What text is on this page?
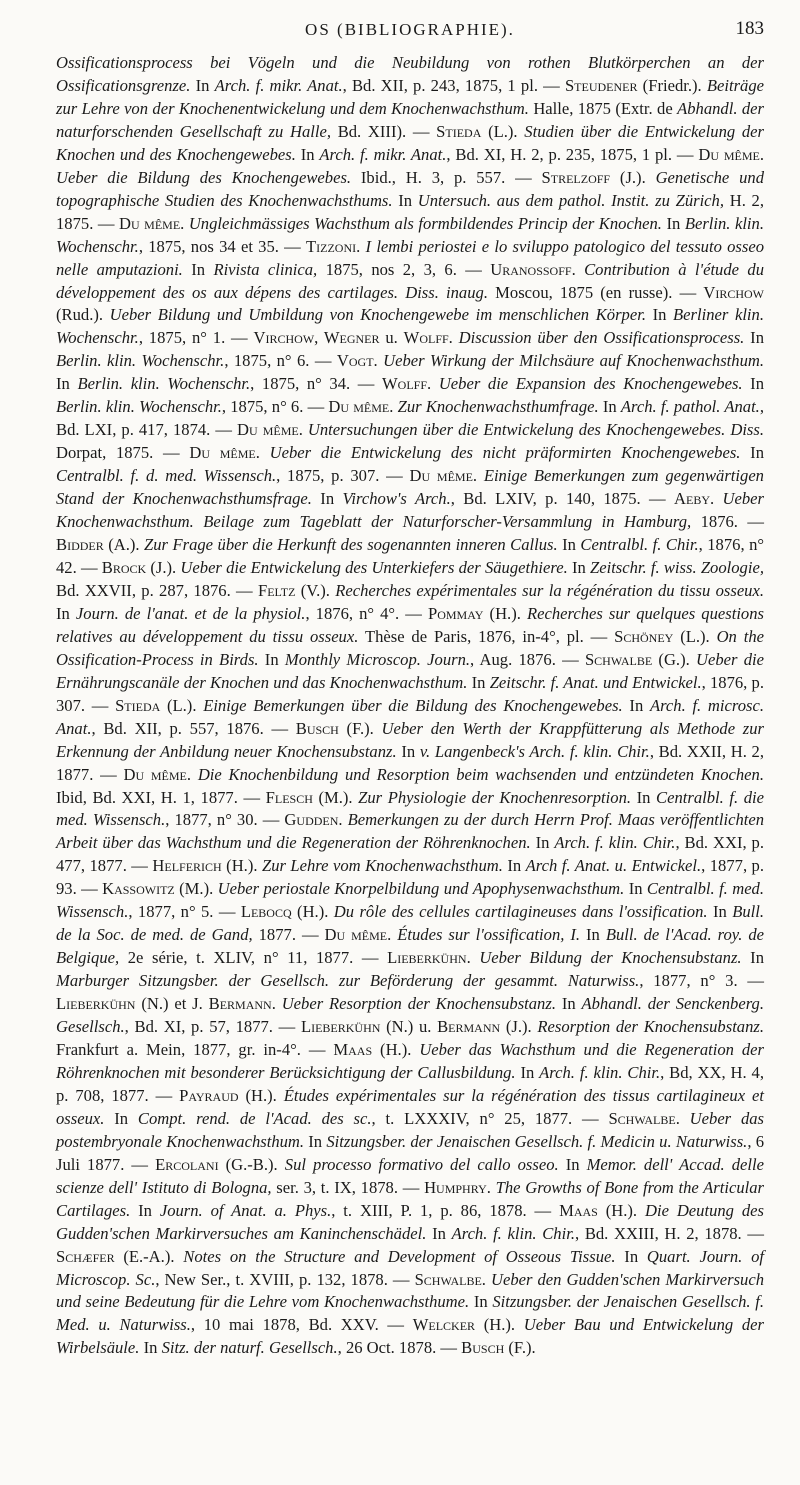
OS (BIBLIOGRAPHIE).	183
Ossificationsprocess bei Vögeln und die Neubildung von rothen Blutkörperchen an der Ossificationsgrenze. In Arch. f. mikr. Anat., Bd. XII, p. 243, 1875, 1 pl. — Steudener (Friedr.). Beiträge zur Lehre von der Knochenentwickelung und dem Knochenwachsthum. Halle, 1875 (Extr. de Abhandl. der naturforschenden Gesellschaft zu Halle, Bd. XIII). — Stieda (L.). Studien über die Entwickelung der Knochen und des Knochengewebes. In Arch. f. mikr. Anat., Bd. XI, H. 2, p. 235, 1875, 1 pl. — Du même. Ueber die Bildung des Knochengewebes. Ibid., H. 3, p. 557. — Strelzoff (J.). Genetische und topographische Studien des Knochenwachsthums. In Untersuch. aus dem pathol. Instit. zu Zürich, H. 2, 1875. — Du même. Ungleichmässiges Wachsthum als formbildendes Princip der Knochen. In Berlin. klin. Wochenschr., 1875, nos 34 et 35. — Tizzoni. I lembi periostei e lo sviluppo patologico del tessuto osseo nelle amputazioni. In Rivista clinica, 1875, nos 2, 3, 6. — Uranossoff. Contribution à l'étude du développement des os aux dépens des cartilages. Diss. inaug. Moscou, 1875 (en russe). — Virchow (Rud.). Ueber Bildung und Umbildung von Knochengewebe im menschlichen Körper. In Berliner klin. Wochenschr., 1875, n° 1. — Virchow, Wegner u. Wolff. Discussion über den Ossificationsprocess. In Berlin. klin. Wochenschr., 1875, n° 6. — Vogt. Ueber Wirkung der Milchsäure auf Knochenwachsthum. In Berlin. klin. Wochenschr., 1875, n° 34. — Wolff. Ueber die Expansion des Knochengewebes. In Berlin. klin. Wochenschr., 1875, n° 6. — Du même. Zur Knochenwachsthumfrage. In Arch. f. pathol. Anat., Bd. LXI, p. 417, 1874. — Du même. Untersuchungen über die Entwickelung des Knochengewebes. Diss. Dorpat, 1875. — Du même. Ueber die Entwickelung des nicht präformirten Knochengewebes. In Centralbl. f. d. med. Wissensch., 1875, p. 307. — Du même. Einige Bemerkungen zum gegenwärtigen Stand der Knochenwachsthumsfrage. In Virchow's Arch., Bd. LXIV, p. 140, 1875. — Aeby. Ueber Knochenwachsthum. Beilage zum Tageblatt der Naturforscher-Versammlung in Hamburg, 1876. — Bidder (A.). Zur Frage über die Herkunft des sogenannten inneren Callus. In Centralbl. f. Chir., 1876, n° 42. — Brock (J.). Ueber die Entwickelung des Unterkiefers der Säugethiere. In Zeitschr. f. wiss. Zoologie, Bd. XXVII, p. 287, 1876. — Feltz (V.). Recherches expérimentales sur la régénération du tissu osseux. In Journ. de l'anat. et de la physiol., 1876, n° 4°. — Pommay (H.). Recherches sur quelques questions relatives au développement du tissu osseux. Thèse de Paris, 1876, in-4°, pl. — Schöney (L.). On the Ossification-Process in Birds. In Monthly Microscop. Journ., Aug. 1876. — Schwalbe (G.). Ueber die Ernährungscanäle der Knochen und das Knochenwachsthum. In Zeitschr. f. Anat. und Entwickel., 1876, p. 307. — Stieda (L.). Einige Bemerkungen über die Bildung des Knochengewebes. In Arch. f. microsc. Anat., Bd. XII, p. 557, 1876. — Busch (F.). Ueber den Werth der Krappfütterung als Methode zur Erkennung der Anbildung neuer Knochensubstanz. In v. Langenbeck's Arch. f. klin. Chir., Bd. XXII, H. 2, 1877. — Du même. Die Knochenbildung und Resorption beim wachsenden und entzündeten Knochen. Ibid, Bd. XXI, H. 1, 1877. — Flesch (M.). Zur Physiologie der Knochenresorption. In Centralbl. f. die med. Wissensch., 1877, n° 30. — Gudden. Bemerkungen zu der durch Herrn Prof. Maas veröffentlichten Arbeit über das Wachsthum und die Regeneration der Röhrenknochen. In Arch. f. klin. Chir., Bd. XXI, p. 477, 1877. — Helferich (H.). Zur Lehre vom Knochenwachsthum. In Arch f. Anat. u. Entwickel., 1877, p. 93. — Kassowitz (M.). Ueber periostale Knorpelbildung und Apophysenwachsthum. In Centralbl. f. med. Wissensch., 1877, n° 5. — Lebocq (H.). Du rôle des cellules cartilagineuses dans l'ossification. In Bull. de la Soc. de med. de Gand, 1877. — Du même. Études sur l'ossification, I. In Bull. de l'Acad. roy. de Belgique, 2e série, t. XLIV, n° 11, 1877. — Lieberkühn. Ueber Bildung der Knochensubstanz. In Marburger Sitzungsber. der Gesellsch. zur Beförderung der gesammt. Naturwiss., 1877, n° 3. — Lieberkühn (N.) et J. Bermann. Ueber Resorption der Knochensubstanz. In Abhandl. der Senckenberg. Gesellsch., Bd. XI, p. 57, 1877. — Lieberkühn (N.) u. Bermann (J.). Resorption der Knochensubstanz. Frankfurt a. Mein, 1877, gr. in-4°. — Maas (H.). Ueber das Wachsthum und die Regeneration der Röhrenknochen mit besonderer Berücksichtigung der Callusbildung. In Arch. f. klin. Chir., Bd, XX, H. 4, p. 708, 1877. — Payraud (H.). Études expérimentales sur la régénération des tissus cartilagineux et osseux. In Compt. rend. de l'Acad. des sc., t. LXXXIV, n° 25, 1877. — Schwalbe. Ueber das postembryonale Knochenwachsthum. In Sitzungsber. der Jenaischen Gesellsch. f. Medicin u. Naturwiss., 6 Juli 1877. — Ercolani (G.-B.). Sul processo formativo del callo osseo. In Memor. dell' Accad. delle scienze dell' Istituto di Bologna, ser. 3, t. IX, 1878. — Humphry. The Growths of Bone from the Articular Cartilages. In Journ. of Anat. a. Phys., t. XIII, P. 1, p. 86, 1878. — Maas (H.). Die Deutung des Gudden'schen Markirversuches am Kaninchenschädel. In Arch. f. klin. Chir., Bd. XXIII, H. 2, 1878. — Schæfer (E.-A.). Notes on the Structure and Development of Osseous Tissue. In Quart. Journ. of Microscop. Sc., New Ser., t. XVIII, p. 132, 1878. — Schwalbe. Ueber den Gudden'schen Markirversuch und seine Bedeutung für die Lehre vom Knochenwachsthume. In Sitzungsber. der Jenaischen Gesellsch. f. Med. u. Naturwiss., 10 mai 1878, Bd. XXV. — Welcker (H.). Ueber Bau und Entwickelung der Wirbelsäule. In Sitz. der naturf. Gesellsch., 26 Oct. 1878. — Busch (F.).
